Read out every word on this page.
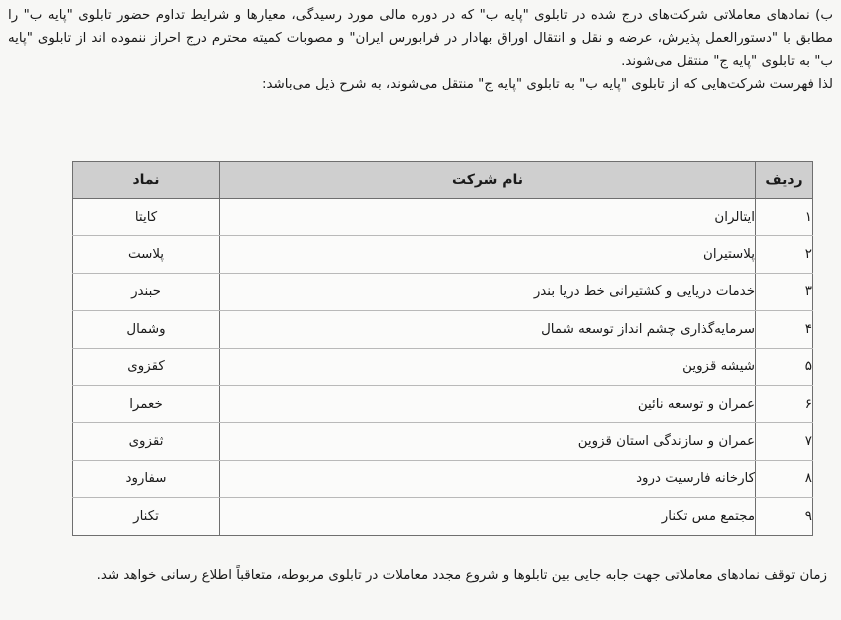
ب) نمادهای معاملاتی شرکت‌های درج شده در تابلوی "پایه ب" که در دوره مالی مورد رسیدگی، معیارها و شرایط تداوم حضور تابلوی "پایه ب" را مطابق با "دستورالعمل پذیرش، عرضه و نقل و انتقال اوراق بهادار در فرابورس ایران" و مصوبات کمیته محترم درج احراز ننموده اند از تابلوی "پایه ب" به تابلوی "پایه ج" منتقل می‌شوند.

لذا فهرست شرکت‌هایی که از تابلوی "پایه ب" به تابلوی "پایه ج" منتقل می‌شوند، به شرح ذیل می‌باشد:

ردیف	نام شرکت	نماد
۱	ایتالران	کایتا
۲	پلاستیران	پلاست
۳	خدمات دریایی و کشتیرانی خط دریا بندر	حبندر
۴	سرمایه‌گذاری چشم انداز توسعه شمال	وشمال
۵	شیشه قزوین	کقزوی
۶	عمران و توسعه نائین	خعمرا
۷	عمران و سازندگی استان قزوین	ثقزوی
۸	کارخانه فارسیت درود	سفارود
۹	مجتمع مس تکنار	تکنار

زمان توقف نمادهای معاملاتی جهت جابه جایی بین تابلوها و شروع مجدد معاملات در تابلوی مربوطه، متعاقباً اطلاع رسانی خواهد شد.
